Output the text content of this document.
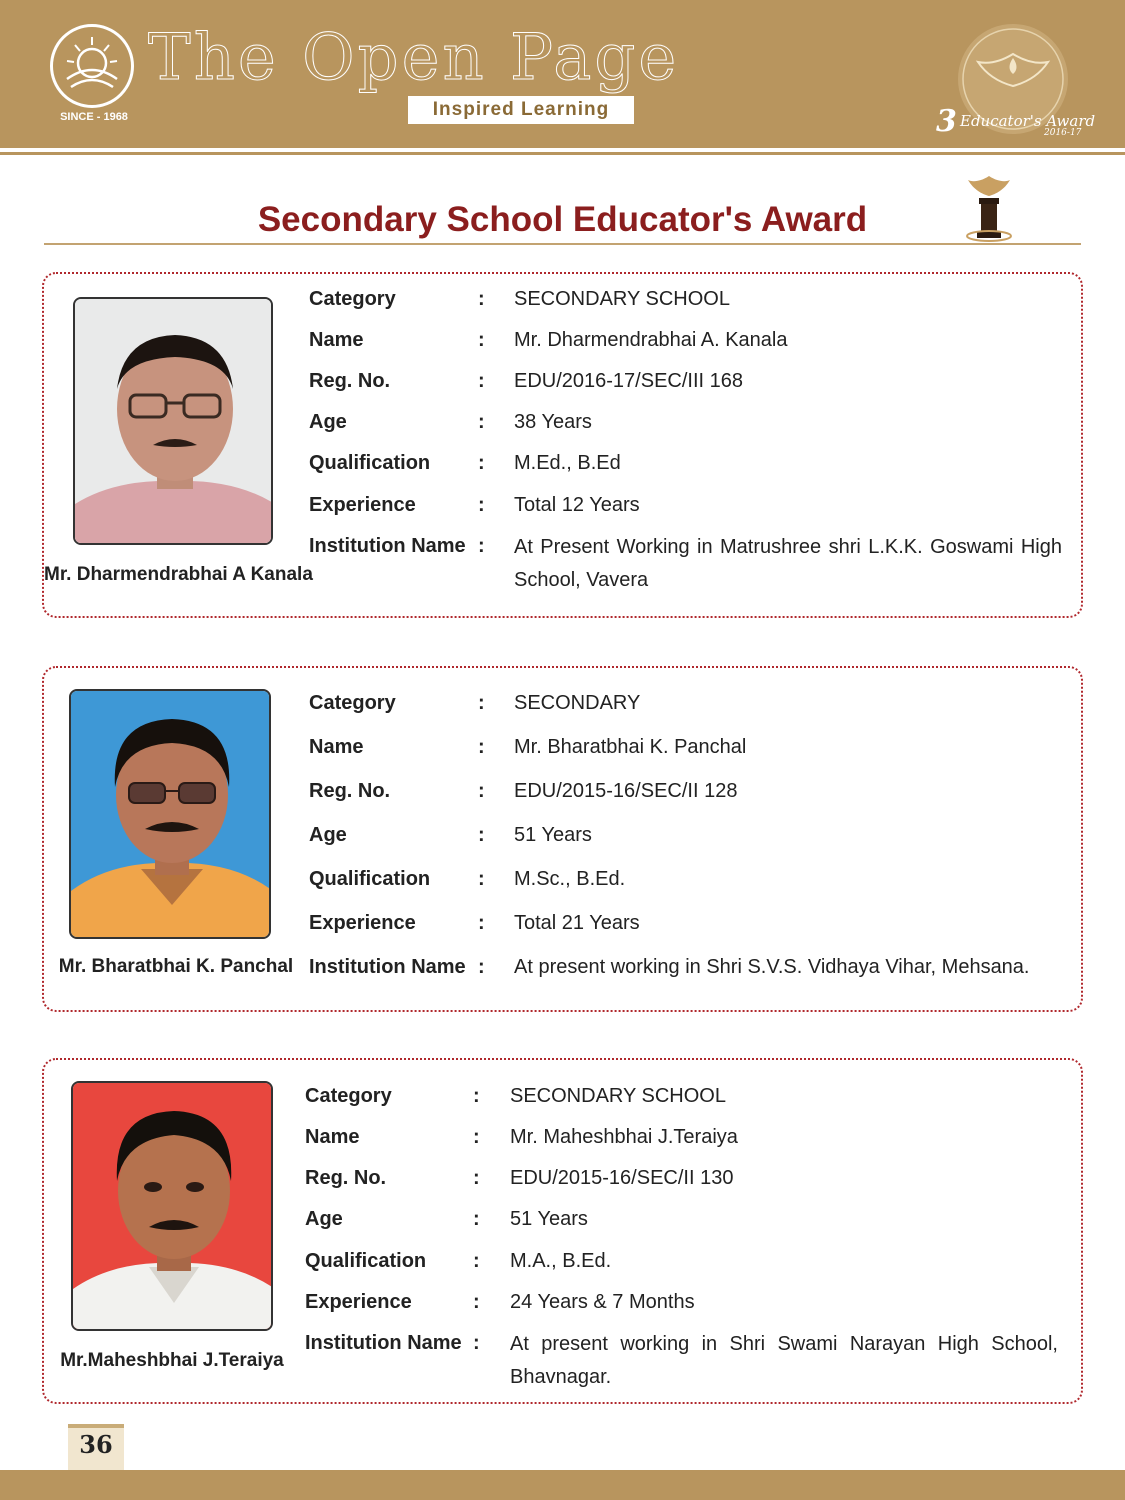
SINCE - 1968
The Open Page
Inspired Learning	3 Educator's Award
2016-17
Secondary School Educator's Award
Mr. Dharmendrabhai A Kanala
Category	: SECONDARY SCHOOL
Name	: Mr. Dharmendrabhai A. Kanala
Reg. No.	: EDU/2016-17/SEC/III 168
Age	: 38 Years
Qualification : M.Ed., B.Ed
Experience	: Total 12 Years
Institution Name : At Present Working in Matrushree shri L.K.K. Goswami High School, Vavera
Mr. Bharatbhai K. Panchal
Category	: SECONDARY
Name	: Mr. Bharatbhai K. Panchal
Reg. No.	: EDU/2015-16/SEC/II 128
Age	: 51 Years
Qualification : M.Sc., B.Ed.
Experience	: Total 21 Years
Institution Name : At present working in Shri S.V.S. Vidhaya Vihar, Mehsana.
Mr.Maheshbhai J.Teraiya
Category	: SECONDARY SCHOOL
Name	: Mr. Maheshbhai J.Teraiya
Reg. No.	: EDU/2015-16/SEC/II 130
Age	: 51 Years
Qualification : M.A., B.Ed.
Experience	: 24 Years & 7 Months
Institution Name : At present working in Shri Swami Narayan High School, Bhavnagar.
36
